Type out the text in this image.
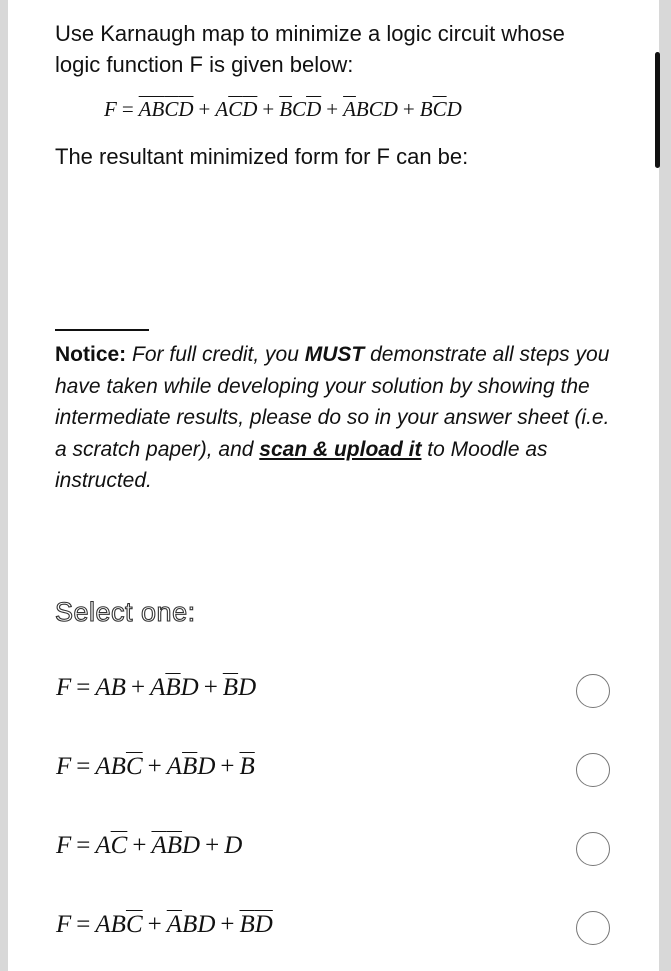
Use Karnaugh map to minimize a logic circuit whose logic function F is given below:
$F = \overline{A}\overline{B}\overline{C}\overline{D} + A\overline{C}\overline{D} + \overline{B}C\overline{D} + \overline{A}BCD + B\overline{C}D$
The resultant minimized form for F can be:
Notice: For full credit, you MUST demonstrate all steps you have taken while developing your solution by showing the intermediate results, please do so in your answer sheet (i.e. a scratch paper), and scan & upload it to Moodle as instructed.
Select one:
F = AB + $A\overline{B}D + \overline{B}D$
$F = AB\overline{C} + A\overline{B}D + \overline{B}$
$F = A\overline{C} + \overline{A}\overline{B}D + D$
$F = AB\overline{C} + \overline{A}BD + \overline{B}\overline{D}$
